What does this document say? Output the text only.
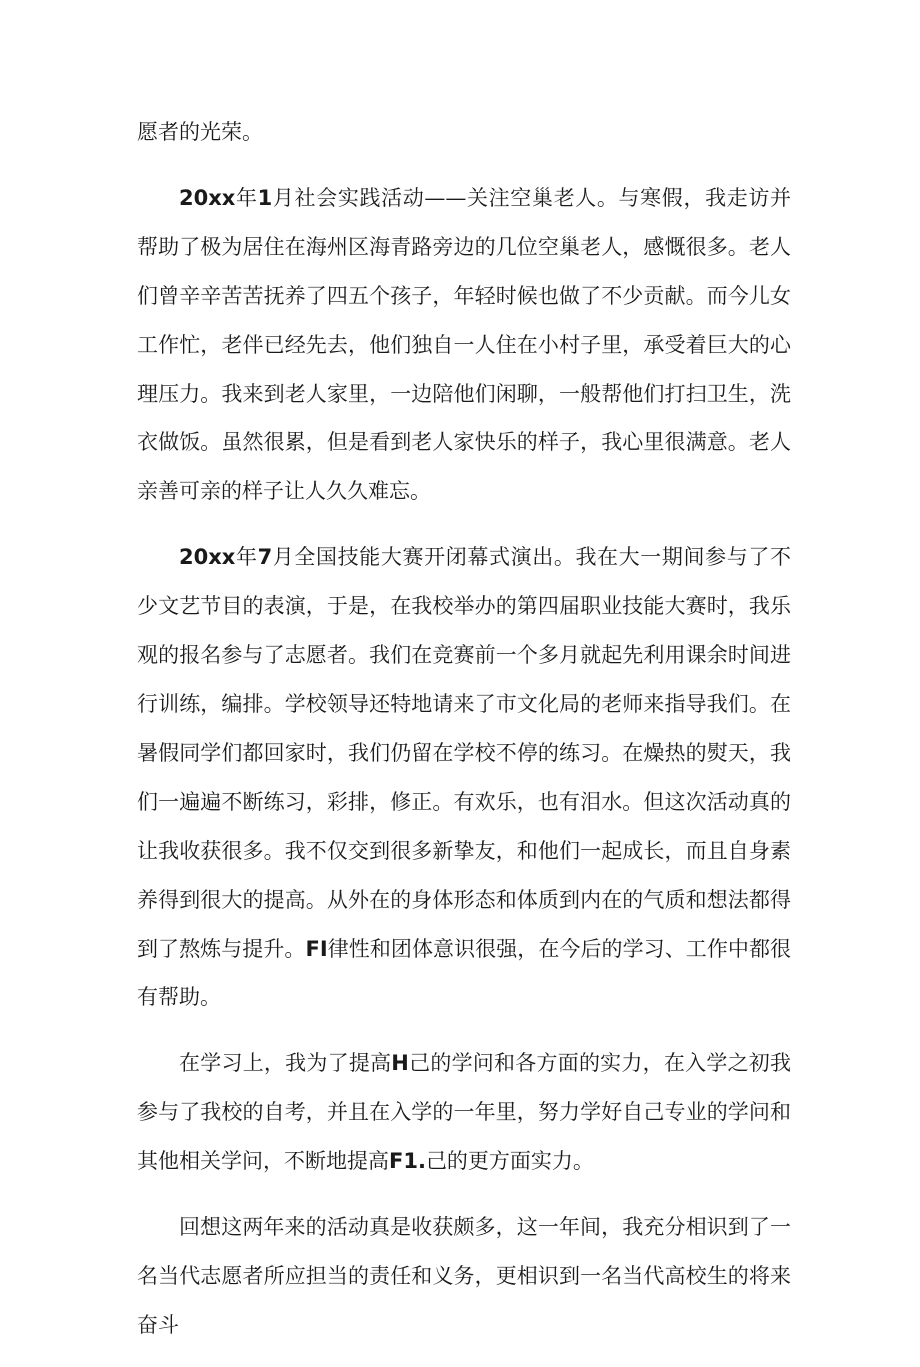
愿者的光荣。

20xx年1月社会实践活动——关注空巢老人。与寒假，我走访并帮助了极为居住在海州区海青路旁边的几位空巢老人，感慨很多。老人们曾辛辛苦苦抚养了四五个孩子，年轻时候也做了不少贡献。而今儿女工作忙，老伴已经先去，他们独自一人住在小村子里，承受着巨大的心理压力。我来到老人家里，一边陪他们闲聊，一般帮他们打扫卫生，洗衣做饭。虽然很累，但是看到老人家快乐的样子，我心里很满意。老人亲善可亲的样子让人久久难忘。

20xx年7月全国技能大赛开闭幕式演出。我在大一期间参与了不少文艺节目的表演，于是，在我校举办的第四届职业技能大赛时，我乐观的报名参与了志愿者。我们在竞赛前一个多月就起先利用课余时间进行训练，编排。学校领导还特地请来了市文化局的老师来指导我们。在暑假同学们都回家时，我们仍留在学校不停的练习。在燥热的熨天，我们一遍遍不断练习，彩排，修正。有欢乐，也有泪水。但这次活动真的让我收获很多。我不仅交到很多新挚友，和他们一起成长，而且自身素养得到很大的提高。从外在的身体形态和体质到内在的气质和想法都得到了熬炼与提升。FI律性和团体意识很强，在今后的学习、工作中都很有帮助。

在学习上，我为了提高H己的学问和各方面的实力，在入学之初我参与了我校的自考，并且在入学的一年里，努力学好自己专业的学问和其他相关学问，不断地提高F1.己的更方面实力。

回想这两年来的活动真是收获颇多，这一年间，我充分相识到了一名当代志愿者所应担当的责任和义务，更相识到一名当代高校生的将来奋斗
